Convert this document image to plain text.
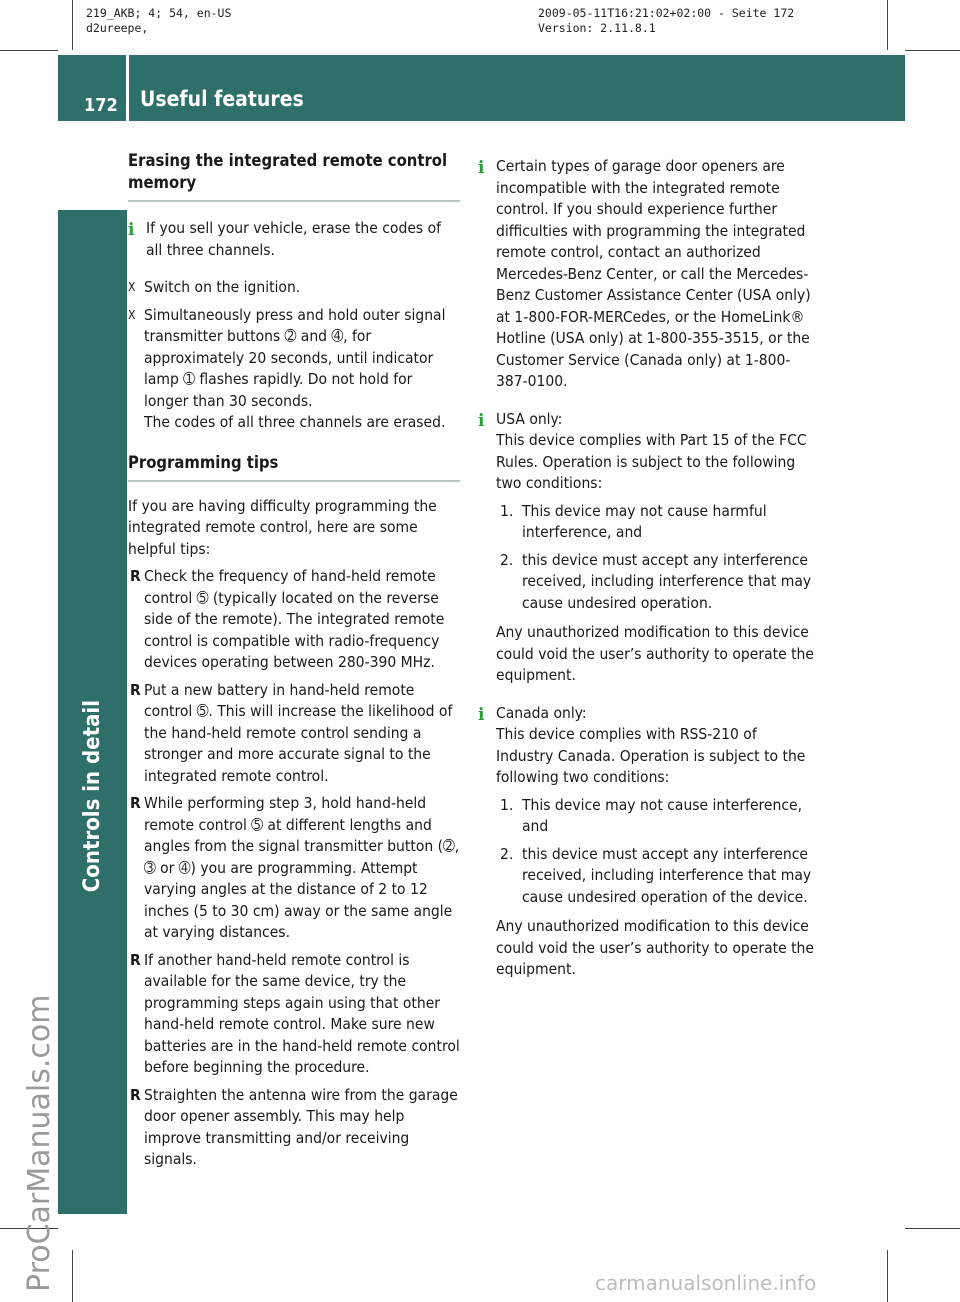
219_AKB; 4; 54, en-US
d2ureepe,
2009-05-11T16:21:02+02:00 - Seite 172
Version: 2.11.8.1
172 Useful features
Controls in detail
ProCarManuals.com	carmanualsonline.info
Erasing the integrated remote control memory
i If you sell your vehicle, erase the codes of all three channels.

X Switch on the ignition.

X Simultaneously press and hold outer signal transmitter buttons ➁ and ➃, for approximately 20 seconds, until indicator lamp ➀ flashes rapidly. Do not hold for longer than 30 seconds.

The codes of all three channels are erased.

Programming tips

If you are having difficulty programming the integrated remote control, here are some helpful tips:

R Check the frequency of hand-held remote control ➄ (typically located on the reverse side of the remote). The integrated remote control is compatible with radio-frequency devices operating between 280-390 MHz.

R Put a new battery in hand-held remote control ➄. This will increase the likelihood of the hand-held remote control sending a stronger and more accurate signal to the integrated remote control.

R While performing step 3, hold hand-held remote control ➄ at different lengths and angles from the signal transmitter button (➁, ➂ or ➃) you are programming. Attempt varying angles at the distance of 2 to 12 inches (5 to 30 cm) away or the same angle at varying distances.

R If another hand-held remote control is available for the same device, try the programming steps again using that other hand-held remote control. Make sure new batteries are in the hand-held remote control before beginning the procedure.

R Straighten the antenna wire from the garage door opener assembly. This may help improve transmitting and/or receiving signals.

i Certain types of garage door openers are incompatible with the integrated remote control. If you should experience further difficulties with programming the integrated remote control, contact an authorized Mercedes-Benz Center, or call the Mercedes-Benz Customer Assistance Center (USA only) at 1-800-FOR-MERCedes, or the HomeLink® Hotline (USA only) at 1-800-355-3515, or the Customer Service (Canada only) at 1-800-387-0100.

i USA only:

This device complies with Part 15 of the FCC Rules. Operation is subject to the following two conditions:

1. This device may not cause harmful interference, and

2. this device must accept any interference received, including interference that may cause undesired operation.

Any unauthorized modification to this device could void the user’s authority to operate the equipment.

i Canada only:

This device complies with RSS-210 of Industry Canada. Operation is subject to the following two conditions:

1. This device may not cause interference, and

2. this device must accept any interference received, including interference that may cause undesired operation of the device.

Any unauthorized modification to this device could void the user’s authority to operate the equipment.
